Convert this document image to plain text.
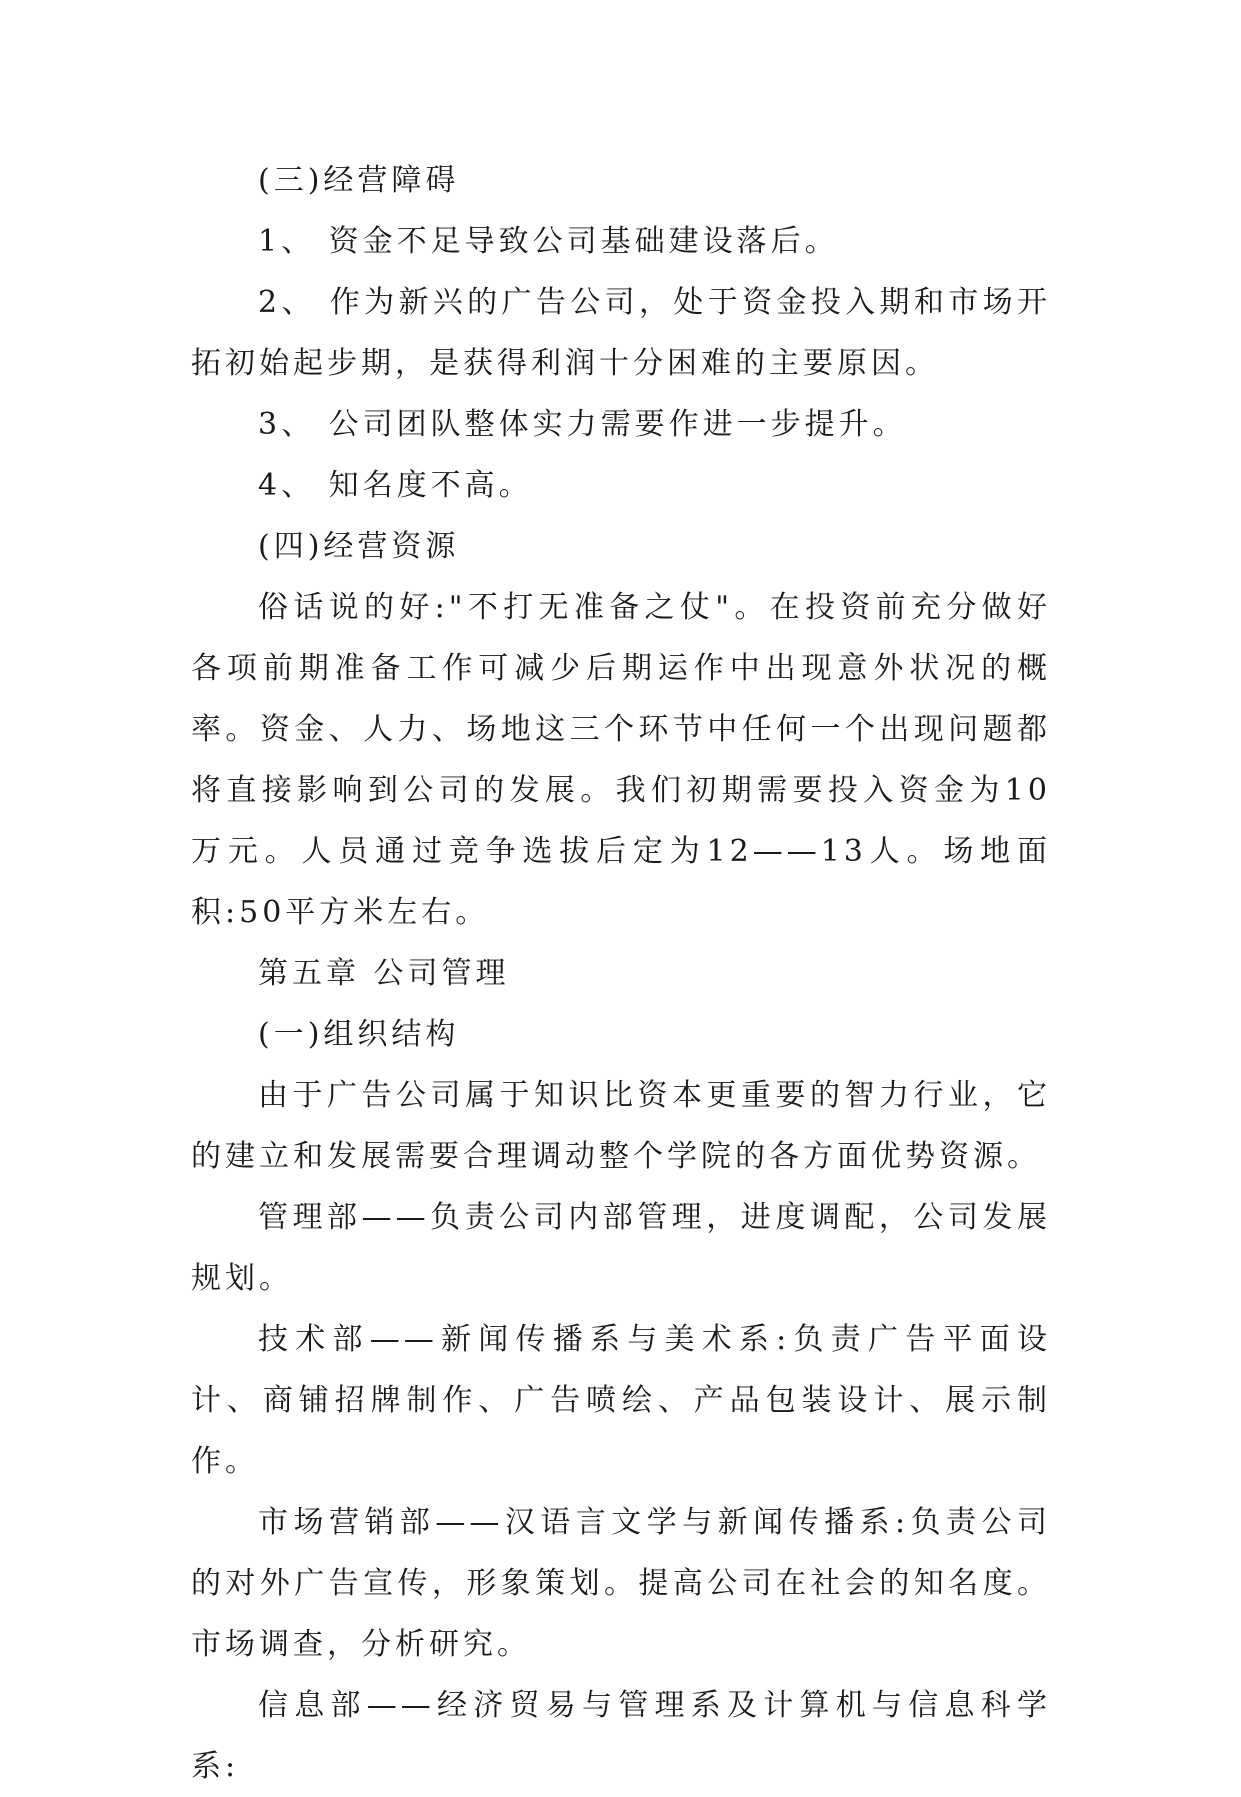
(三)经营障碍

1、 资金不足导致公司基础建设落后。

2、 作为新兴的广告公司，处于资金投入期和市场开拓初始起步期，是获得利润十分困难的主要原因。

3、 公司团队整体实力需要作进一步提升。

4、 知名度不高。

(四)经营资源

俗话说的好:"不打无准备之仗"。在投资前充分做好各项前期准备工作可减少后期运作中出现意外状况的概率。资金、人力、场地这三个环节中任何一个出现问题都将直接影响到公司的发展。我们初期需要投入资金为10万元。人员通过竞争选拔后定为12——13人。场地面积:50平方米左右。

第五章 公司管理

(一)组织结构

由于广告公司属于知识比资本更重要的智力行业，它的建立和发展需要合理调动整个学院的各方面优势资源。

管理部——负责公司内部管理，进度调配，公司发展规划。

技术部——新闻传播系与美术系:负责广告平面设计、商铺招牌制作、广告喷绘、产品包装设计、展示制作。

市场营销部——汉语言文学与新闻传播系:负责公司的对外广告宣传，形象策划。提高公司在社会的知名度。市场调查，分析研究。

信息部——经济贸易与管理系及计算机与信息科学系:
